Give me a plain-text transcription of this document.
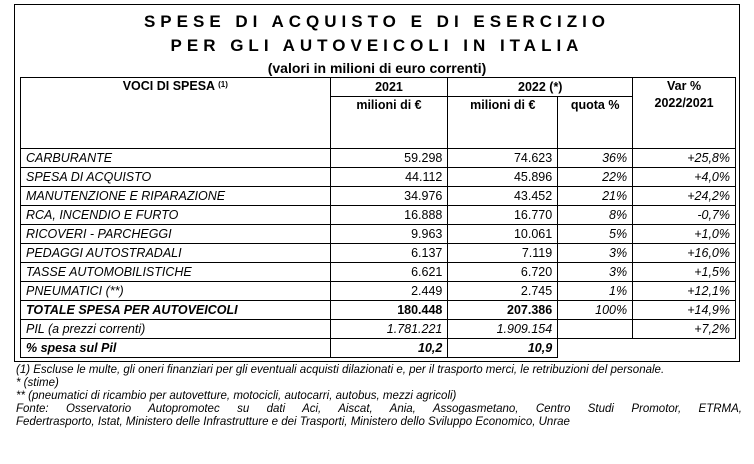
SPESE DI ACQUISTO E DI ESERCIZIO
PER GLI AUTOVEICOLI IN ITALIA
(valori in milioni di euro correnti)
VOCI DI SPESA $^{(1)}$	2021	2022 (*)		Var %
2022/2021

	milioni di €	milioni di €	quota %	
CARBURANTE	59.298	74.623	36%	+25,8%
SPESA DI ACQUISTO	44.112	45.896	22%	+4,0%
MANUTENZIONE E RIPARAZIONE	34.976	43.452	21%	+24,2%
RCA, INCENDIO E FURTO	16.888	16.770	8%	-0,7%
RICOVERI - PARCHEGGI	9.963	10.061	5%	+1,0%
PEDAGGI AUTOSTRADALI	6.137	7.119	3%	+16,0%
TASSE AUTOMOBILISTICHE	6.621	6.720	3%	+1,5%
PNEUMATICI (**)	2.449	2.745	1%	+12,1%
TOTALE SPESA PER AUTOVEICOLI	180.448	207.386	100%	+14,9%
PIL (a prezzi correnti)	1.781.221	1.909.154		+7,2%
% spesa sul Pil	10,2	10,9		

(1) Escluse le multe, gli oneri finanziari per gli eventuali acquisti dilazionati e, per il trasporto merci, le retribuzioni del personale.

* (stime)

** (pneumatici di ricambio per autovetture, motocicli, autocarri, autobus, mezzi agricoli)

Fonte: Osservatorio Autopromotec su dati Aci, Aiscat, Ania, Assogasmetano, Centro Studi Promotor, ETRMA,

Federtrasporto, Istat, Ministero delle Infrastrutture e dei Trasporti, Ministero dello Sviluppo Economico, Unrae
